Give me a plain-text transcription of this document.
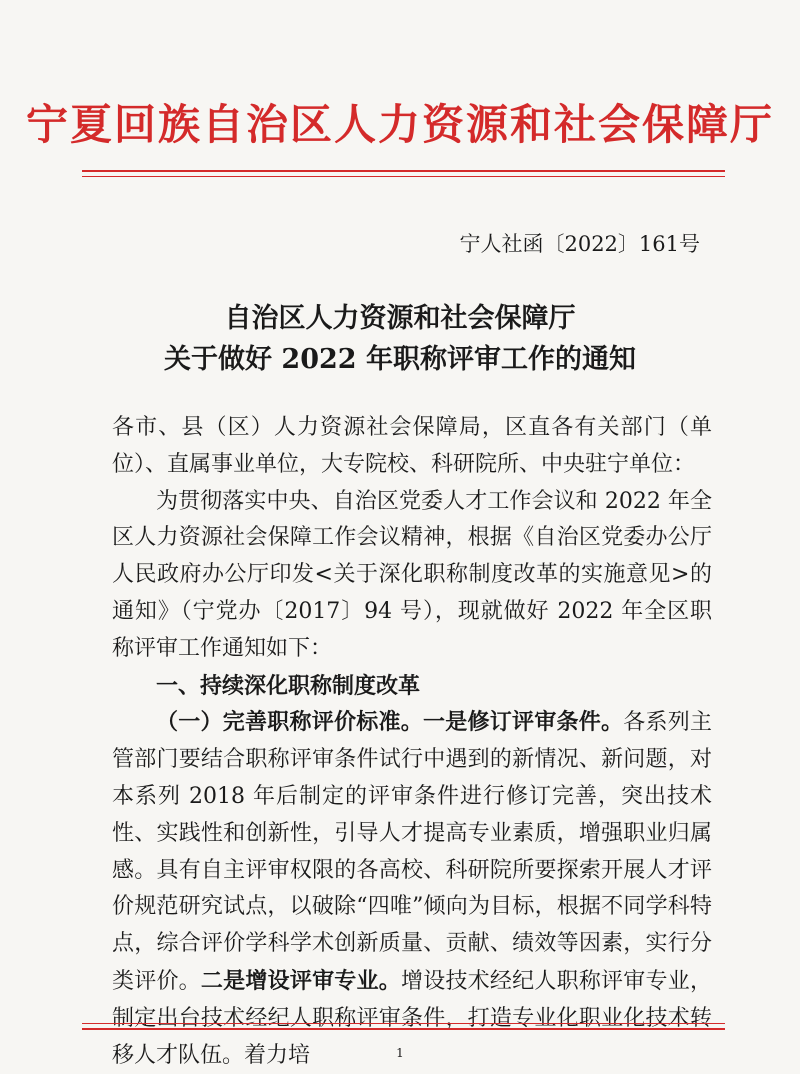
宁夏回族自治区人力资源和社会保障厅
宁人社函〔2022〕161号
自治区人力资源和社会保障厅
关于做好 2022 年职称评审工作的通知

各市、县（区）人力资源社会保障局，区直各有关部门（单位）、直属事业单位，大专院校、科研院所、中央驻宁单位：

为贯彻落实中央、自治区党委人才工作会议和 2022 年全区人力资源社会保障工作会议精神，根据《自治区党委办公厅 人民政府办公厅印发<关于深化职称制度改革的实施意见>的通知》（宁党办〔2017〕94 号），现就做好 2022 年全区职称评审工作通知如下：

一、持续深化职称制度改革

（一）完善职称评价标准。一是修订评审条件。各系列主管部门要结合职称评审条件试行中遇到的新情况、新问题，对本系列 2018 年后制定的评审条件进行修订完善，突出技术性、实践性和创新性，引导人才提高专业素质，增强职业归属感。具有自主评审权限的各高校、科研院所要探索开展人才评价规范研究试点，以破除“四唯”倾向为目标，根据不同学科特点，综合评价学科学术创新质量、贡献、绩效等因素，实行分类评价。二是增设评审专业。增设技术经纪人职称评审专业，制定出台技术经纪人职称评审条件，打造专业化职业化技术转移人才队伍。着力培	1
